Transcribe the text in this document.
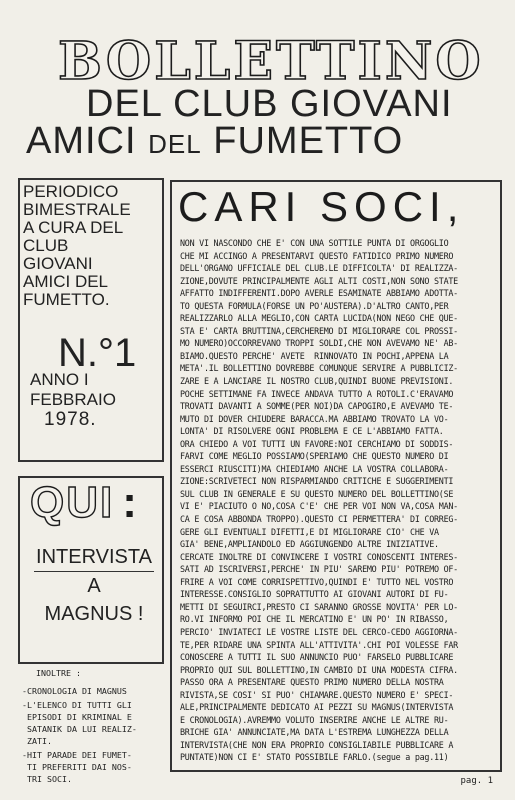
BOLLETTINO
DEL CLUB GIOVANI
AMICI DEL FUMETTO
PERIODICO
BIMESTRALE
A CURA DEL
CLUB
GIOVANI
AMICI DEL
FUMETTO.
N.°1
ANNO I
FEBBRAIO
1978.
QUI :
INTERVISTA
A
MAGNUS !
INOLTRE :
-CRONOLOGIA DI MAGNUS
-L'ELENCO DI TUTTI GLI
EPISODI DI KRIMINAL E
SATANIK DA LUI REALIZ-
ZATI.
-HIT PARADE DEI FUMET-
TI PREFERITI DAI NOS-
TRI SOCI.
CARI SOCI,
NON VI NASCONDO CHE E' CON UNA SOTTILE PUNTA DI ORGOGLIO
CHE MI ACCINGO A PRESENTARVI QUESTO FATIDICO PRIMO NUMERO
DELL'ORGANO UFFICIALE DEL CLUB.LE DIFFICOLTA' DI REALIZZA-
ZIONE,DOVUTE PRINCIPALMENTE AGLI ALTI COSTI,NON SONO STATE
AFFATTO INDIFFERENTI.DOPO AVERLE ESAMINATE ABBIAMO ADOTTA-
TO QUESTA FORMULA(FORSE UN PO'AUSTERA).D'ALTRO CANTO,PER
REALIZZARLO ALLA MEGLIO,CON CARTA LUCIDA(NON NEGO CHE QUE-
STA E' CARTA BRUTTINA,CERCHEREMO DI MIGLIORARE COL PROSSI-
MO NUMERO)OCCORREVANO TROPPI SOLDI,CHE NON AVEVAMO NE' AB-
BIAMO.QUESTO PERCHE' AVETE  RINNOVATO IN POCHI,APPENA LA
META'.IL BOLLETTINO DOVREBBE COMUNQUE SERVIRE A PUBBLICIZ-
ZARE E A LANCIARE IL NOSTRO CLUB,QUINDI BUONE PREVISIONI.
POCHE SETTIMANE FA INVECE ANDAVA TUTTO A ROTOLI.C'ERAVAMO
TROVATI DAVANTI A SOMME(PER NOI)DA CAPOGIRO,E AVEVAMO TE-
MUTO DI DOVER CHIUDERE BARACCA.MA ABBIAMO TROVATO LA VO-
LONTA' DI RISOLVERE OGNI PROBLEMA E CE L'ABBIAMO FATTA.
ORA CHIEDO A VOI TUTTI UN FAVORE:NOI CERCHIAMO DI SODDIS-
FARVI COME MEGLIO POSSIAMO(SPERIAMO CHE QUESTO NUMERO DI
ESSERCI RIUSCITI)MA CHIEDIAMO ANCHE LA VOSTRA COLLABORA-
ZIONE:SCRIVETECI NON RISPARMIANDO CRITICHE E SUGGERIMENTI
SUL CLUB IN GENERALE E SU QUESTO NUMERO DEL BOLLETTINO(SE
VI E' PIACIUTO O NO,COSA C'E' CHE PER VOI NON VA,COSA MAN-
CA E COSA ABBONDA TROPPO).QUESTO CI PERMETTERA' DI CORREG-
GERE GLI EVENTUALI DIFETTI,E DI MIGLIORARE CIO' CHE VA
GIA' BENE,AMPLIANDOLO ED AGGIUNGENDO ALTRE INIZIATIVE.
CERCATE INOLTRE DI CONVINCERE I VOSTRI CONOSCENTI INTERES-
SATI AD ISCRIVERSI,PERCHE' IN PIU' SAREMO PIU' POTREMO OF-
FRIRE A VOI COME CORRISPETTIVO,QUINDI E' TUTTO NEL VOSTRO
INTERESSE.CONSIGLIO SOPRATTUTTO AI GIOVANI AUTORI DI FU-
METTI DI SEGUIRCI,PRESTO CI SARANNO GROSSE NOVITA' PER LO-
RO.VI INFORMO POI CHE IL MERCATINO E' UN PO' IN RIBASSO,
PERCIO' INVIATECI LE VOSTRE LISTE DEL CERCO-CEDO AGGIORNA-
TE,PER RIDARE UNA SPINTA ALL'ATTIVITA'.CHI POI VOLESSE FAR
CONOSCERE A TUTTI IL SUO ANNUNCIO PUO' FARSELO PUBBLICARE
PROPRIO QUI SUL BOLLETTINO,IN CAMBIO DI UNA MODESTA CIFRA.
PASSO ORA A PRESENTARE QUESTO PRIMO NUMERO DELLA NOSTRA
RIVISTA,SE COSI' SI PUO' CHIAMARE.QUESTO NUMERO E' SPECI-
ALE,PRINCIPALMENTE DEDICATO AI PEZZI SU MAGNUS(INTERVISTA
E CRONOLOGIA).AVREMMO VOLUTO INSERIRE ANCHE LE ALTRE RU-
BRICHE GIA' ANNUNCIATE,MA DATA L'ESTREMA LUNGHEZZA DELLA
INTERVISTA(CHE NON ERA PROPRIO CONSIGLIABILE PUBBLICARE A
PUNTATE)NON CI E' STATO POSSIBILE FARLO.(segue a pag.11)
pag. 1
